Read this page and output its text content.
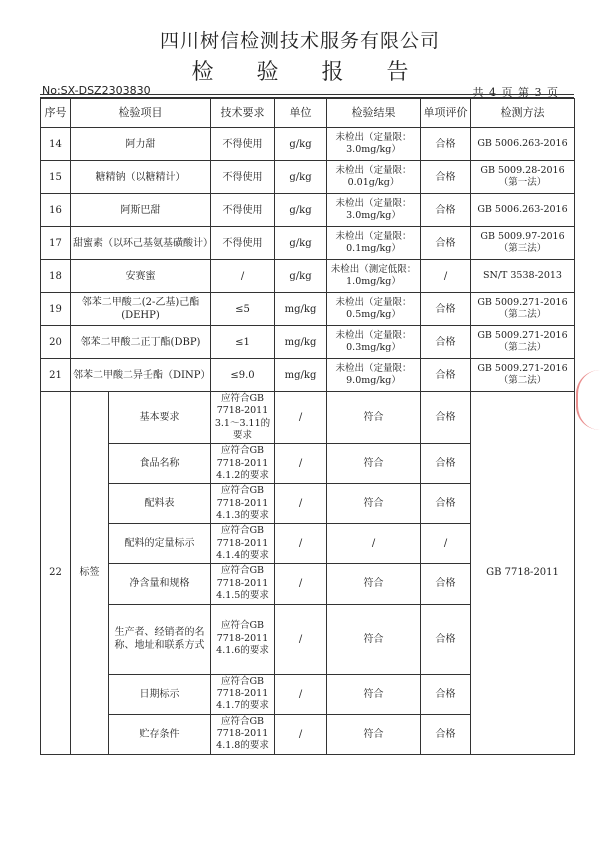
四川树信检测技术服务有限公司
检 验 报 告
No:SX-DSZ2303830	共 4 页 第 3 页
序号	检验项目		技术要求	单位	检验结果	单项评价	检测方法
14	阿力甜		不得使用	g/kg	未检出（定量限：3.0mg/kg）	合格	GB 5006.263-2016
15	糖精钠（以糖精计）		不得使用	g/kg	未检出（定量限：0.01g/kg）	合格	GB 5009.28-2016（第一法）
16	阿斯巴甜		不得使用	g/kg	未检出（定量限：3.0mg/kg）	合格	GB 5006.263-2016
17	甜蜜素（以环己基氨基磺酸计）		不得使用	g/kg	未检出（定量限：0.1mg/kg）	合格	GB 5009.97-2016（第三法）
18	安赛蜜		/	g/kg	未检出（测定低限：1.0mg/kg）	/	SN/T 3538-2013
19	邻苯二甲酸二(2-乙基)己酯(DEHP)		≤5	mg/kg	未检出（定量限：0.5mg/kg）	合格	GB 5009.271-2016（第二法）
20	邻苯二甲酸二正丁酯(DBP)		≤1	mg/kg	未检出（定量限：0.3mg/kg）	合格	GB 5009.271-2016（第二法）
21	邻苯二甲酸二异壬酯（DINP）		≤9.0	mg/kg	未检出（定量限：9.0mg/kg）	合格	GB 5009.271-2016（第二法）
22	标签	基本要求	应符合GB 7718-2011 3.1～3.11的要求	/	符合	合格	GB 7718-2011
		食品名称	应符合GB 7718-2011 4.1.2的要求	/	符合	合格	
		配料表	应符合GB 7718-2011 4.1.3的要求	/	符合	合格	
		配料的定量标示	应符合GB 7718-2011 4.1.4的要求	/	/	/	
		净含量和规格	应符合GB 7718-2011 4.1.5的要求	/	符合	合格	
		生产者、经销者的名称、地址和联系方式	应符合GB 7718-2011 4.1.6的要求	/	符合	合格	
		日期标示	应符合GB 7718-2011 4.1.7的要求	/	符合	合格	
		贮存条件	应符合GB 7718-2011 4.1.8的要求	/	符合	合格	
